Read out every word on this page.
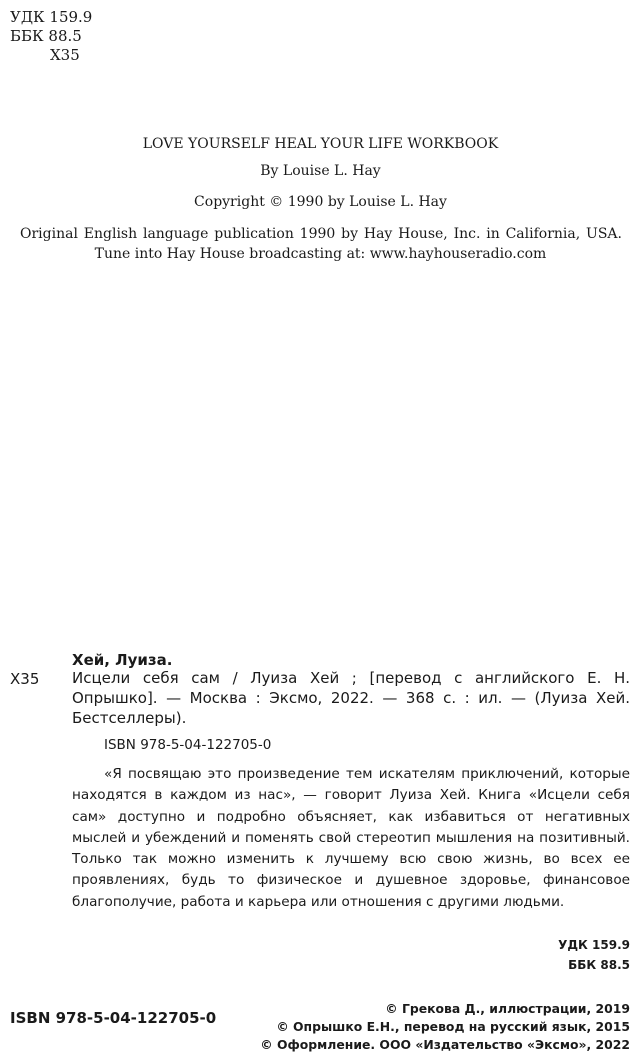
УДК 159.9
ББК 88.5
Х35
LOVE YOURSELF HEAL YOUR LIFE WORKBOOK
By Louise L. Hay
Copyright © 1990 by Louise L. Hay
Original English language publication 1990 by Hay House, Inc. in California, USA.
Tune into Hay House broadcasting at: www.hayhouseradio.com
Хей, Луиза.
Х35 Исцели себя сам / Луиза Хей ; [перевод с английского Е. Н. Опрышко]. — Москва : Эксмо, 2022. — 368 с. : ил. — (Луиза Хей. Бестселлеры).
ISBN 978-5-04-122705-0
«Я посвящаю это произведение тем искателям приключений, которые находятся в каждом из нас», — говорит Луиза Хей. Книга «Исцели себя сам» доступно и подробно объясняет, как избавиться от негативных мыслей и убеждений и поменять свой стереотип мышления на позитивный. Только так можно изменить к лучшему всю свою жизнь, во всех ее проявлениях, будь то физическое и душевное здоровье, финансовое благополучие, работа и карьера или отношения с другими людьми.
УДК 159.9
ББК 88.5
ISBN 978-5-04-122705-0
© Грекова Д., иллюстрации, 2019
© Опрышко Е.Н., перевод на русский язык, 2015
© Оформление. ООО «Издательство «Эксмо», 2022
